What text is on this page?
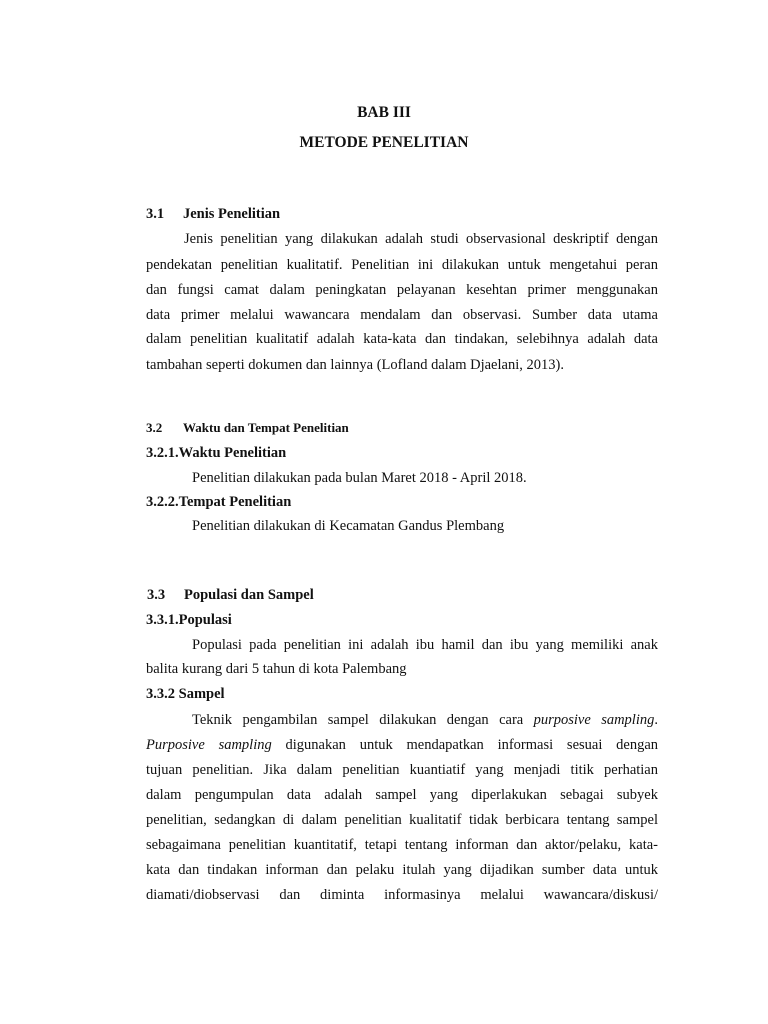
BAB III
METODE PENELITIAN
3.1 Jenis Penelitian
Jenis penelitian yang dilakukan adalah studi observasional deskriptif dengan
pendekatan penelitian kualitatif. Penelitian ini dilakukan untuk mengetahui peran
dan fungsi camat dalam peningkatan pelayanan kesehtan primer menggunakan
data primer melalui wawancara mendalam dan observasi. Sumber data utama
dalam penelitian kualitatif adalah kata-kata dan tindakan, selebihnya adalah data
tambahan seperti dokumen dan lainnya (Lofland dalam Djaelani, 2013).
3.2 Waktu dan Tempat Penelitian
3.2.1.Waktu Penelitian
Penelitian dilakukan pada bulan Maret 2018 - April 2018.
3.2.2.Tempat Penelitian
Penelitian dilakukan di Kecamatan Gandus Plembang
3.3 Populasi dan Sampel
3.3.1.Populasi
Populasi pada penelitian ini adalah ibu hamil dan ibu yang memiliki anak
balita kurang dari 5 tahun di kota Palembang
3.3.2 Sampel
Teknik pengambilan sampel dilakukan dengan cara purposive sampling.
Purposive sampling digunakan untuk mendapatkan informasi sesuai dengan
tujuan penelitian. Jika dalam penelitian kuantiatif yang menjadi titik perhatian
dalam pengumpulan data adalah sampel yang diperlakukan sebagai subyek
penelitian, sedangkan di dalam penelitian kualitatif tidak berbicara tentang sampel
sebagaimana penelitian kuantitatif, tetapi tentang informan dan aktor/pelaku, kata-
kata dan tindakan informan dan pelaku itulah yang dijadikan sumber data untuk
diamati/diobservasi dan diminta informasinya melalui wawancara/diskusi/
